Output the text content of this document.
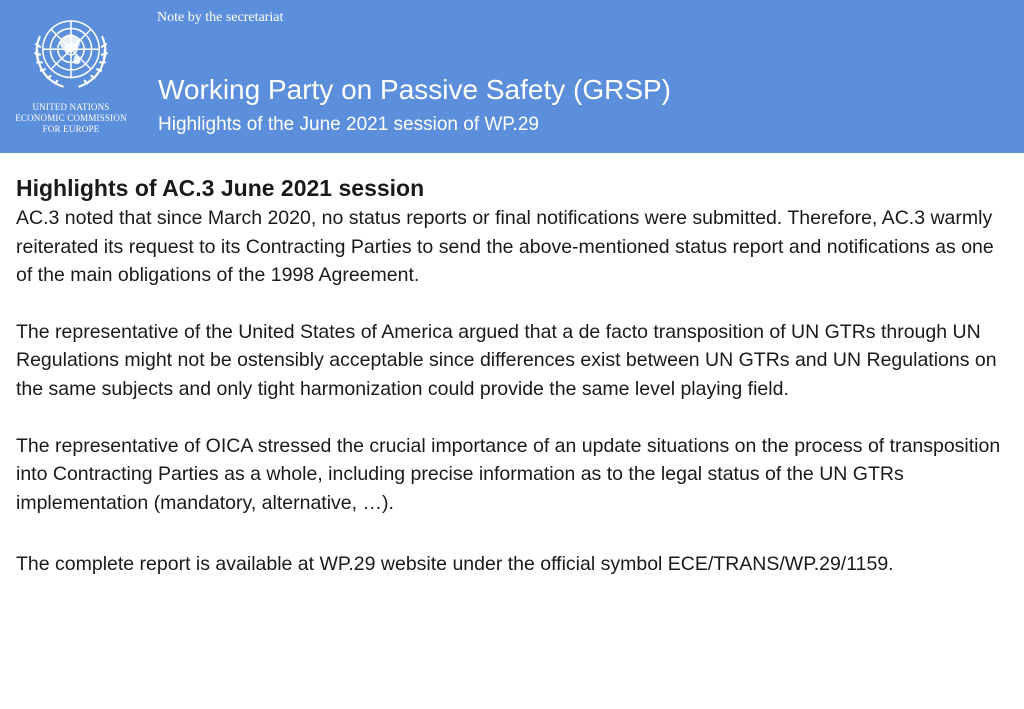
UNITED NATIONS
ECONOMIC COMMISSION
FOR EUROPE
Note by the secretariat
Working Party on Passive Safety (GRSP)
Highlights of the June 2021 session of WP.29

Highlights of AC.3 June 2021 session

AC.3 noted that since March 2020, no status reports or final notifications were submitted. Therefore, AC.3 warmly reiterated its request to its Contracting Parties to send the above-mentioned status report and notifications as one of the main obligations of the 1998 Agreement.

The representative of the United States of America argued that a de facto transposition of UN GTRs through UN Regulations might not be ostensibly acceptable since differences exist between UN GTRs and UN Regulations on the same subjects and only tight harmonization could provide the same level playing field.

The representative of OICA stressed the crucial importance of an update situations on the process of transposition into Contracting Parties as a whole, including precise information as to the legal status of the UN GTRs implementation (mandatory, alternative, …).

The complete report is available at WP.29 website under the official symbol ECE/TRANS/WP.29/1159.
